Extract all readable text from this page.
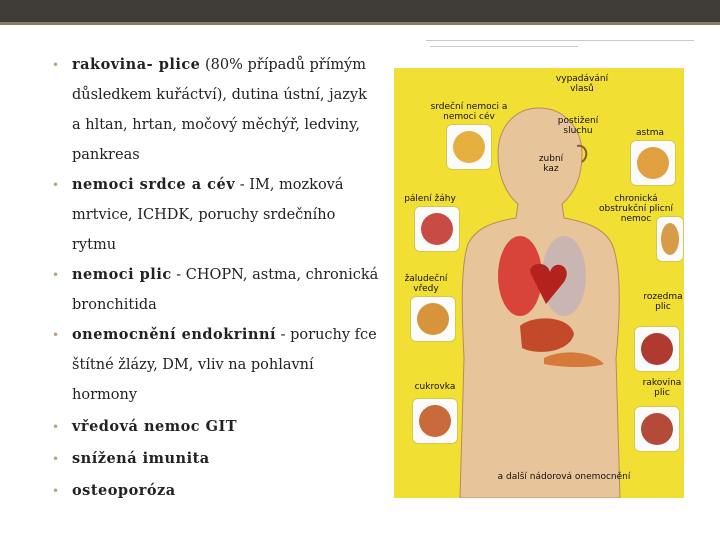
• rakovina- plice (80% případů přímým důsledkem kuřáctví), dutina ústní, jazyk a hltan, hrtan, močový měchýř, ledviny, pankreas
• nemoci srdce a cév - IM, mozková mrtvice, ICHDK, poruchy srdečního rytmu
• nemoci plic - CHOPN, astma, chronická bronchitida
• onemocnění endokrinní - poruchy fce štítné žlázy, DM, vliv na pohlavní hormony
• vředová nemoc GIT
• snížená imunita
• osteoporóza
vypadávání vlasů
srdeční nemoci a nemoci cév	postižení sluchu	astma
zubní kaz
pálení žáhy	chronická obstrukční plicní nemoc
žaludeční vředy
rozedma plic
cukrovka	rakovina plic
a další nádorová onemocnění
